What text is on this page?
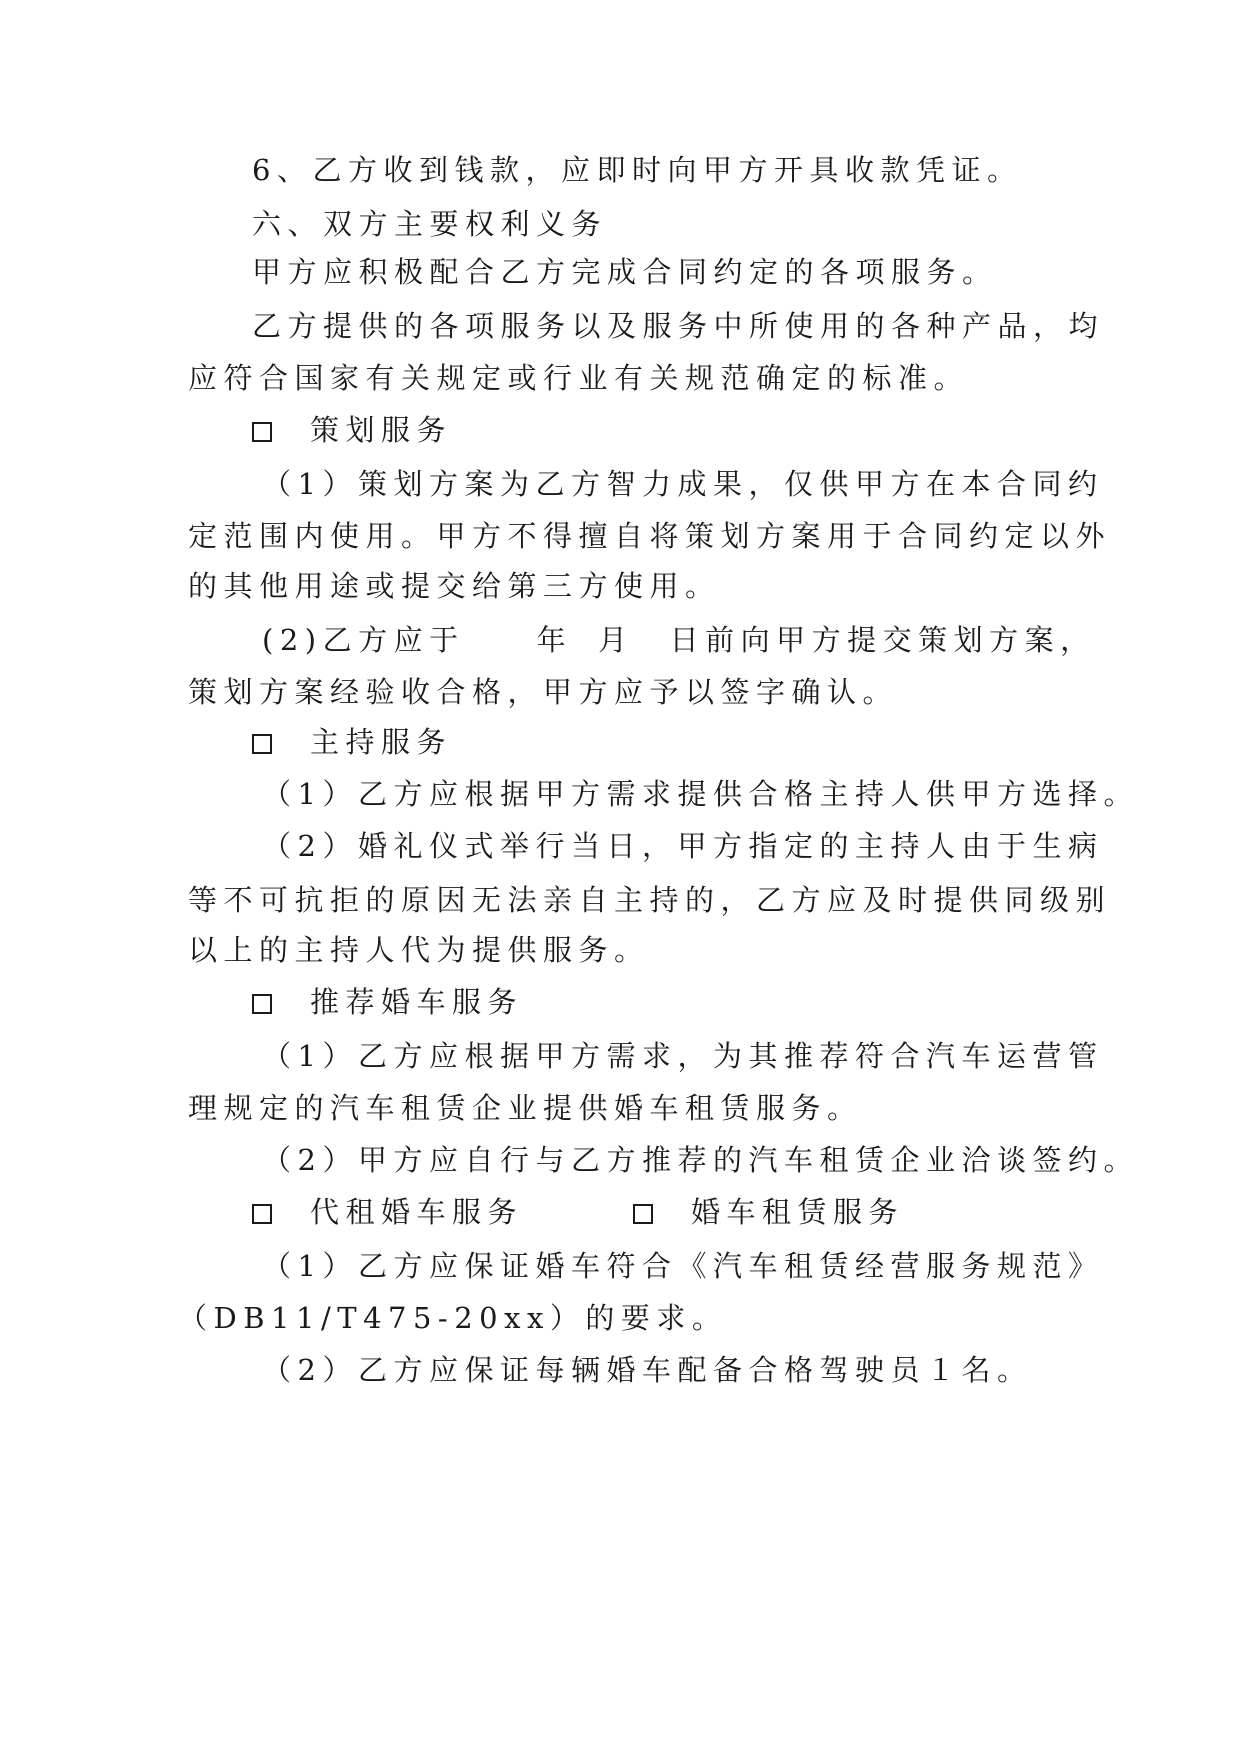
6、乙方收到钱款，应即时向甲方开具收款凭证。
六、双方主要权利义务
甲方应积极配合乙方完成合同约定的各项服务。
乙方提供的各项服务以及服务中所使用的各种产品，均
应符合国家有关规定或行业有关规范确定的标准。
策划服务
（1）策划方案为乙方智力成果，仅供甲方在本合同约
定范围内使用。甲方不得擅自将策划方案用于合同约定以外
的其他用途或提交给第三方使用。
(2)乙方应于 年 月 日前向甲方提交策划方案，
策划方案经验收合格，甲方应予以签字确认。
主持服务
（1）乙方应根据甲方需求提供合格主持人供甲方选择。
（2）婚礼仪式举行当日，甲方指定的主持人由于生病
等不可抗拒的原因无法亲自主持的，乙方应及时提供同级别
以上的主持人代为提供服务。
推荐婚车服务
（1）乙方应根据甲方需求，为其推荐符合汽车运营管
理规定的汽车租赁企业提供婚车租赁服务。
（2）甲方应自行与乙方推荐的汽车租赁企业洽谈签约。
代租婚车服务	婚车租赁服务
（1）乙方应保证婚车符合《汽车租赁经营服务规范》
（DB11/T475-20xx）的要求。
（2）乙方应保证每辆婚车配备合格驾驶员１名。
